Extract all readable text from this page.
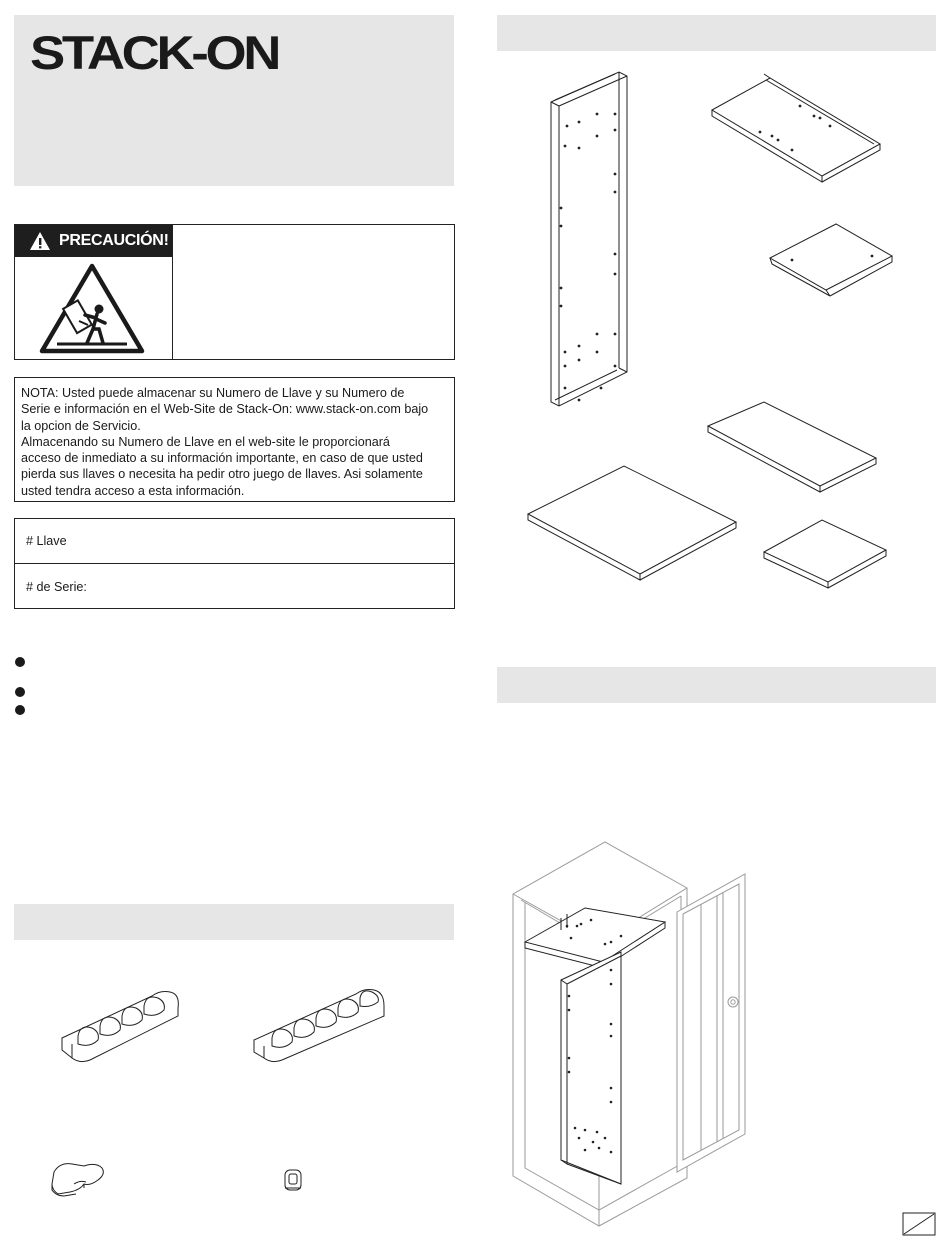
STACK-ON
PRECAUCIÓN!

NOTA: Usted puede almacenar su Numero de Llave y su Numero de

Serie e información en el Web-Site de Stack-On: www.stack-on.com bajo

la opcion de Servicio.

Almacenando su Numero de Llave en el web-site le proporcionará

acceso de inmediato a su información importante, en caso de que usted

pierda sus llaves o necesita ha pedir otro juego de llaves. Asi solamente

usted tendra acceso a esta información.

# Llave
# de Serie:
